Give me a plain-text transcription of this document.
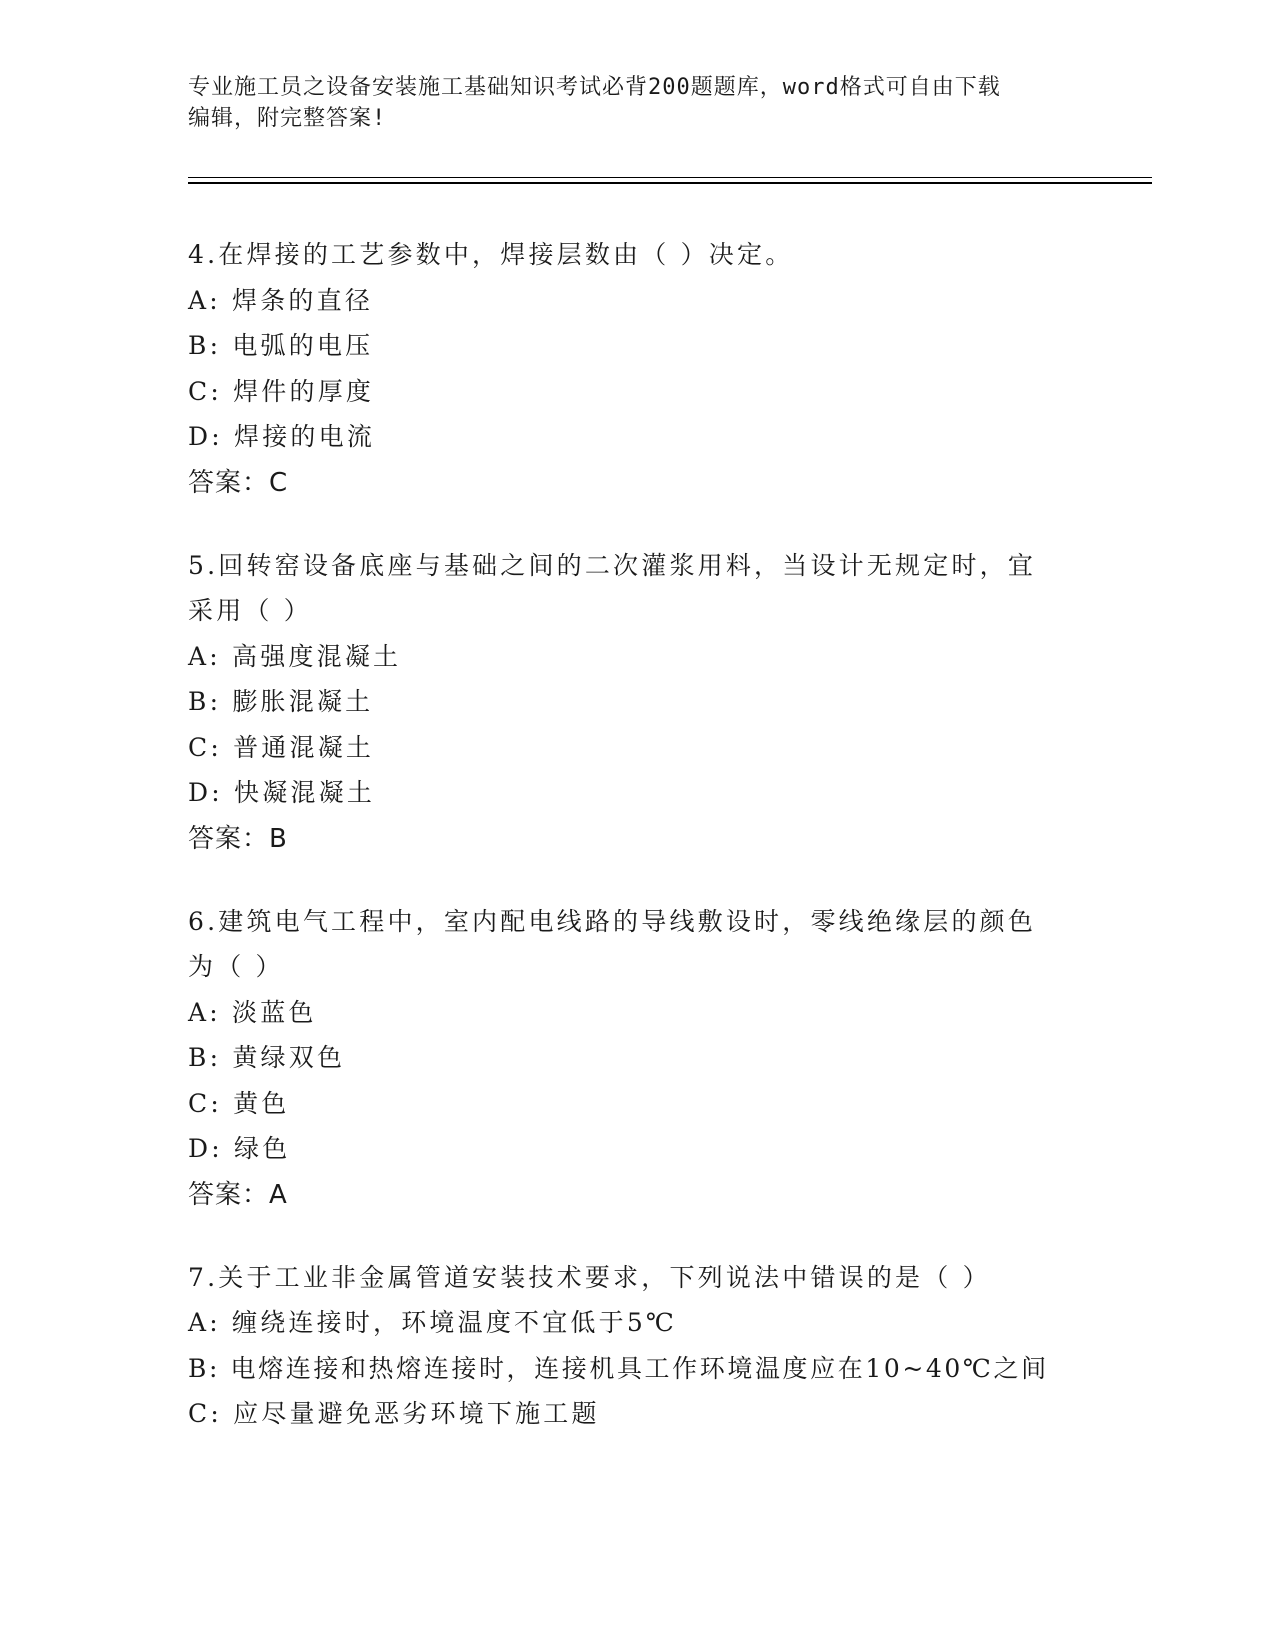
专业施工员之设备安装施工基础知识考试必背200题题库，word格式可自由下载
编辑，附完整答案!
4.在焊接的工艺参数中，焊接层数由（ ）决定。
A: 焊条的直径
B: 电弧的电压
C: 焊件的厚度
D: 焊接的电流
答案：C
5.回转窑设备底座与基础之间的二次灌浆用料，当设计无规定时，宜
采用（ ）
A: 高强度混凝土
B: 膨胀混凝土
C: 普通混凝土
D: 快凝混凝土
答案：B
6.建筑电气工程中，室内配电线路的导线敷设时，零线绝缘层的颜色
为（ ）
A: 淡蓝色
B: 黄绿双色
C: 黄色
D: 绿色
答案：A
7.关于工业非金属管道安装技术要求，下列说法中错误的是（ ）
A: 缠绕连接时，环境温度不宜低于5℃
B: 电熔连接和热熔连接时，连接机具工作环境温度应在10~40℃之间
C: 应尽量避免恶劣环境下施工题
